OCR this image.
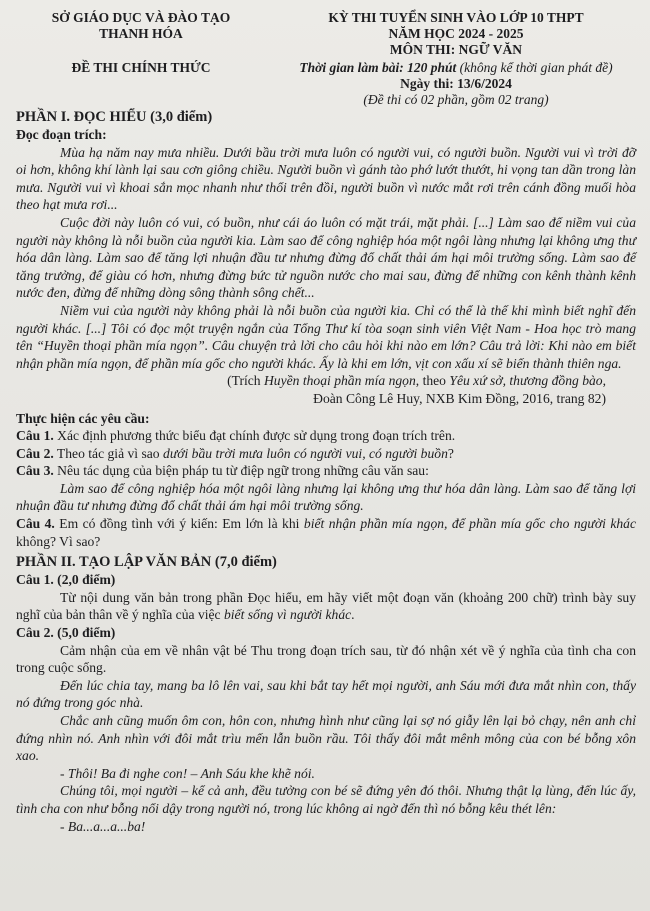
SỞ GIÁO DỤC VÀ ĐÀO TẠO
THANH HÓA
ĐỀ THI CHÍNH THỨC
KỲ THI TUYỂN SINH VÀO LỚP 10 THPT
NĂM HỌC 2024 - 2025
MÔN THI: NGỮ VĂN
Thời gian làm bài: 120 phút (không kể thời gian phát đề)
Ngày thi: 13/6/2024
(Đề thi có 02 phần, gồm 02 trang)
PHẦN I. ĐỌC HIỂU (3,0 điểm)
Đọc đoạn trích:

Mùa hạ năm nay mưa nhiều. Dưới bầu trời mưa luôn có người vui, có người buồn. Người vui vì trời đỡ oi hơn, không khí lành lại sau cơn giông chiều. Người buồn vì gánh tào phớ lướt thướt, hi vọng tan dần trong làn mưa. Người vui vì khoai sắn mọc nhanh như thổi trên đồi, người buồn vì nước mắt rơi trên cánh đồng muối hòa theo hạt mưa rơi...

Cuộc đời này luôn có vui, có buồn, như cái áo luôn có mặt trái, mặt phải. [...] Làm sao để niềm vui của người này không là nỗi buồn của người kia. Làm sao để công nghiệp hóa một ngôi làng nhưng lại không ưng thư hóa dân làng. Làm sao để tăng lợi nhuận đầu tư nhưng đừng đổ chất thải ám hại môi trường sống. Làm sao để tăng trưởng, để giàu có hơn, nhưng đừng bức tử nguồn nước cho mai sau, đừng để những con kênh thành kênh nước đen, đừng để những dòng sông thành sông chết...

Niềm vui của người này không phải là nỗi buồn của người kia. Chỉ có thể là thế khi mình biết nghĩ đến người khác. [...] Tôi có đọc một truyện ngắn của Tổng Thư kí tòa soạn sinh viên Việt Nam - Hoa học trò mang tên “Huyền thoại phần mía ngọn”. Câu chuyện trả lời cho câu hỏi khi nào em lớn? Câu trả lời: Khi nào em biết nhận phần mía ngọn, để phần mía gốc cho người khác. Ấy là khi em lớn, vịt con xấu xí sẽ biến thành thiên nga.

(Trích Huyền thoại phần mía ngọn, theo Yêu xứ sở, thương đồng bào,
Đoàn Công Lê Huy, NXB Kim Đồng, 2016, trang 82)
Thực hiện các yêu cầu:

Câu 1. Xác định phương thức biểu đạt chính được sử dụng trong đoạn trích trên.

Câu 2. Theo tác giả vì sao dưới bầu trời mưa luôn có người vui, có người buồn?

Câu 3. Nêu tác dụng của biện pháp tu từ điệp ngữ trong những câu văn sau:

Làm sao để công nghiệp hóa một ngôi làng nhưng lại không ưng thư hóa dân làng. Làm sao để tăng lợi nhuận đầu tư nhưng đừng đổ chất thải ám hại môi trường sống.

Câu 4. Em có đồng tình với ý kiến: Em lớn là khi biết nhận phần mía ngọn, để phần mía gốc cho người khác không? Vì sao?

PHẦN II. TẠO LẬP VĂN BẢN (7,0 điểm)
Câu 1. (2,0 điểm)

Từ nội dung văn bản trong phần Đọc hiểu, em hãy viết một đoạn văn (khoảng 200 chữ) trình bày suy nghĩ của bản thân về ý nghĩa của việc biết sống vì người khác.

Câu 2. (5,0 điểm)

Cảm nhận của em về nhân vật bé Thu trong đoạn trích sau, từ đó nhận xét về ý nghĩa của tình cha con trong cuộc sống.

Đến lúc chia tay, mang ba lô lên vai, sau khi bắt tay hết mọi người, anh Sáu mới đưa mắt nhìn con, thấy nó đứng trong góc nhà.

Chắc anh cũng muốn ôm con, hôn con, nhưng hình như cũng lại sợ nó giẫy lên lại bỏ chạy, nên anh chỉ đứng nhìn nó. Anh nhìn với đôi mắt trìu mến lẫn buồn rầu. Tôi thấy đôi mắt mênh mông của con bé bỗng xôn xao.

- Thôi! Ba đi nghe con! – Anh Sáu khe khẽ nói.

Chúng tôi, mọi người – kể cả anh, đều tưởng con bé sẽ đứng yên đó thôi. Nhưng thật lạ lùng, đến lúc ấy, tình cha con như bỗng nổi dậy trong người nó, trong lúc không ai ngờ đến thì nó bỗng kêu thét lên:

- Ba...a...a...ba!
